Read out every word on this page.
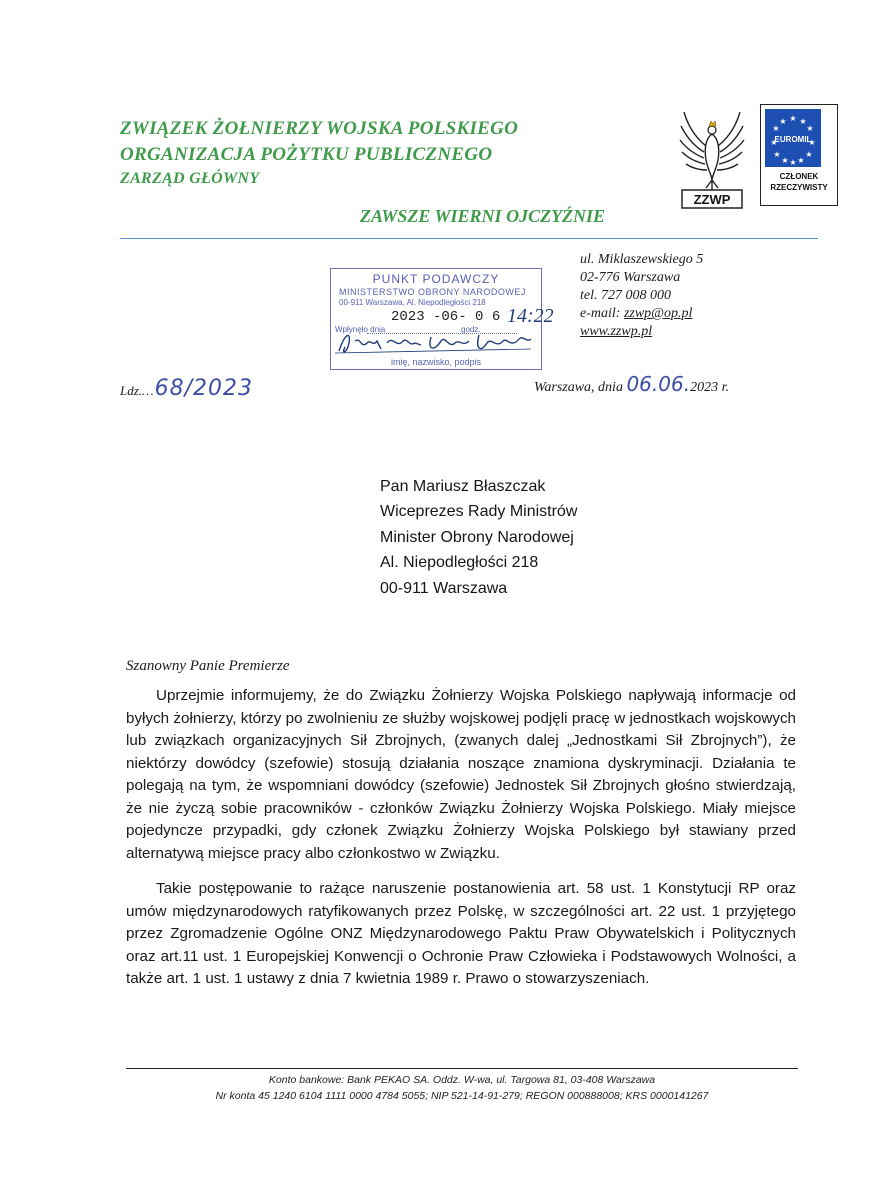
ZWIĄZEK ŻOŁNIERZY WOJSKA POLSKIEGO
ORGANIZACJA POŻYTKU PUBLICZNEGO
ZARZĄD GŁÓWNY
ZAWSZE WIERNI OJCZYŹNIE
ZZWP
★ ★
★
★
★
★	★
★	★
★ ★
★
EUROMIL
CZŁONEK RZECZYWISTY
ul. Miklaszewskiego 5
02-776 Warszawa
tel. 727 008 000
e-mail: zzwp@op.pl
www.zzwp.pl
PUNKT PODAWCZY
MINISTERSTWO OBRONY NARODOWEJ
00-911 Warszawa, Al. Niepodległości 218
2023 -06- 0 6 14:22
Wpłynęło dnia	godz.
imię, nazwisko, podpis
Ldz.…68/2023	Warszawa, dnia 06.06.2023 r.
Pan Mariusz Błaszczak
Wiceprezes Rady Ministrów
Minister Obrony Narodowej
Al. Niepodległości 218
00-911 Warszawa
Szanowny Panie Premierze

Uprzejmie informujemy, że do Związku Żołnierzy Wojska Polskiego napływają informacje od byłych żołnierzy, którzy po zwolnieniu ze służby wojskowej podjęli pracę w jednostkach wojskowych lub związkach organizacyjnych Sił Zbrojnych, (zwanych dalej „Jednostkami Sił Zbrojnych”), że niektórzy dowódcy (szefowie) stosują działania noszące znamiona dyskryminacji. Działania te polegają na tym, że wspomniani dowódcy (szefowie) Jednostek Sił Zbrojnych głośno stwierdzają, że nie życzą sobie pracowników - członków Związku Żołnierzy Wojska Polskiego. Miały miejsce pojedyncze przypadki, gdy członek Związku Żołnierzy Wojska Polskiego był stawiany przed alternatywą miejsce pracy albo członkostwo w Związku.

Takie postępowanie to rażące naruszenie postanowienia art. 58 ust. 1 Konstytucji RP oraz umów międzynarodowych ratyfikowanych przez Polskę, w szczególności art. 22 ust. 1 przyjętego przez Zgromadzenie Ogólne ONZ Międzynarodowego Paktu Praw Obywatelskich i Politycznych oraz art.11 ust. 1 Europejskiej Konwencji o Ochronie Praw Człowieka i Podstawowych Wolności, a także art. 1 ust. 1 ustawy z dnia 7 kwietnia 1989 r. Prawo o stowarzyszeniach.

Konto bankowe: Bank PEKAO SA. Oddz. W-wa, ul. Targowa 81, 03-408 Warszawa
Nr konta 45 1240 6104 1111 0000 4784 5055; NIP 521-14-91-279; REGON 000888008; KRS 0000141267
